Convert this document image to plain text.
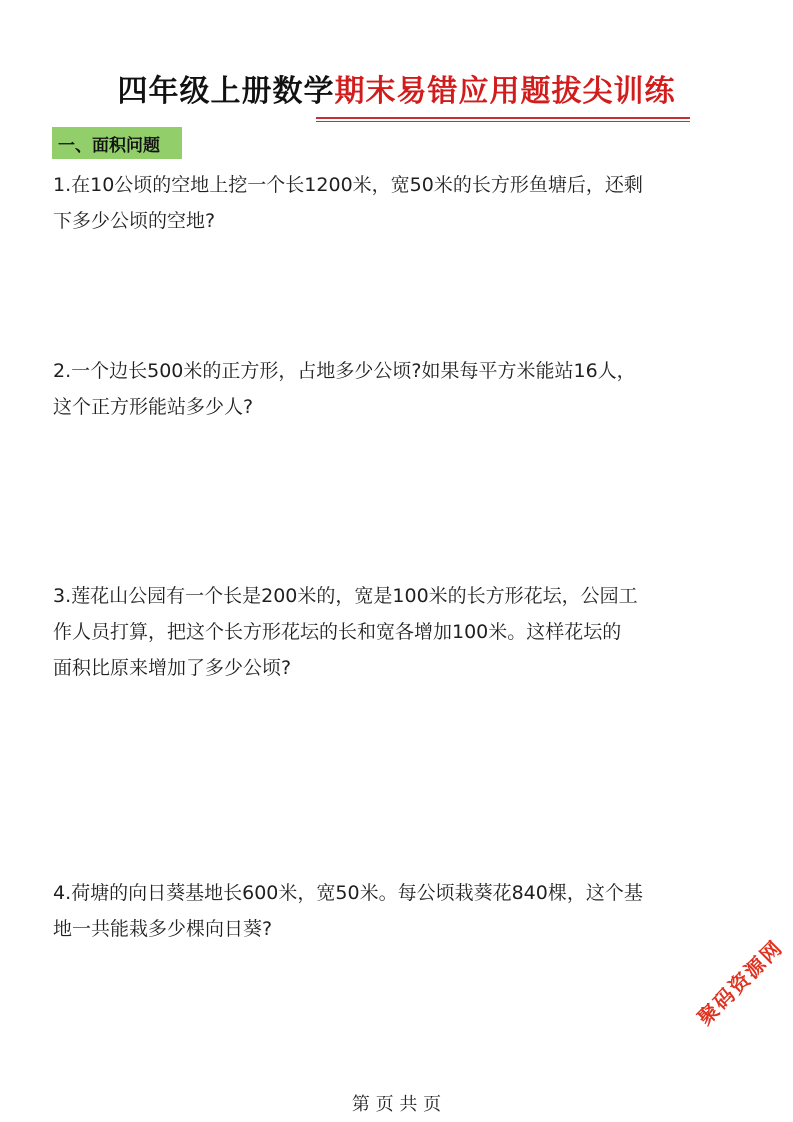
四年级上册数学期末易错应用题拔尖训练
一、面积问题
1.在10公顷的空地上挖一个长1200米，宽50米的长方形鱼塘后，还剩
下多少公顷的空地?
2.一个边长500米的正方形，占地多少公顷?如果每平方米能站16人，
这个正方形能站多少人?
3.莲花山公园有一个长是200米的，宽是100米的长方形花坛，公园工
作人员打算，把这个长方形花坛的长和宽各增加100米。这样花坛的
面积比原来增加了多少公顷?
4.荷塘的向日葵基地长600米，宽50米。每公顷栽葵花840棵，这个基
地一共能栽多少棵向日葵?
聚码资源网
第 页 共 页
